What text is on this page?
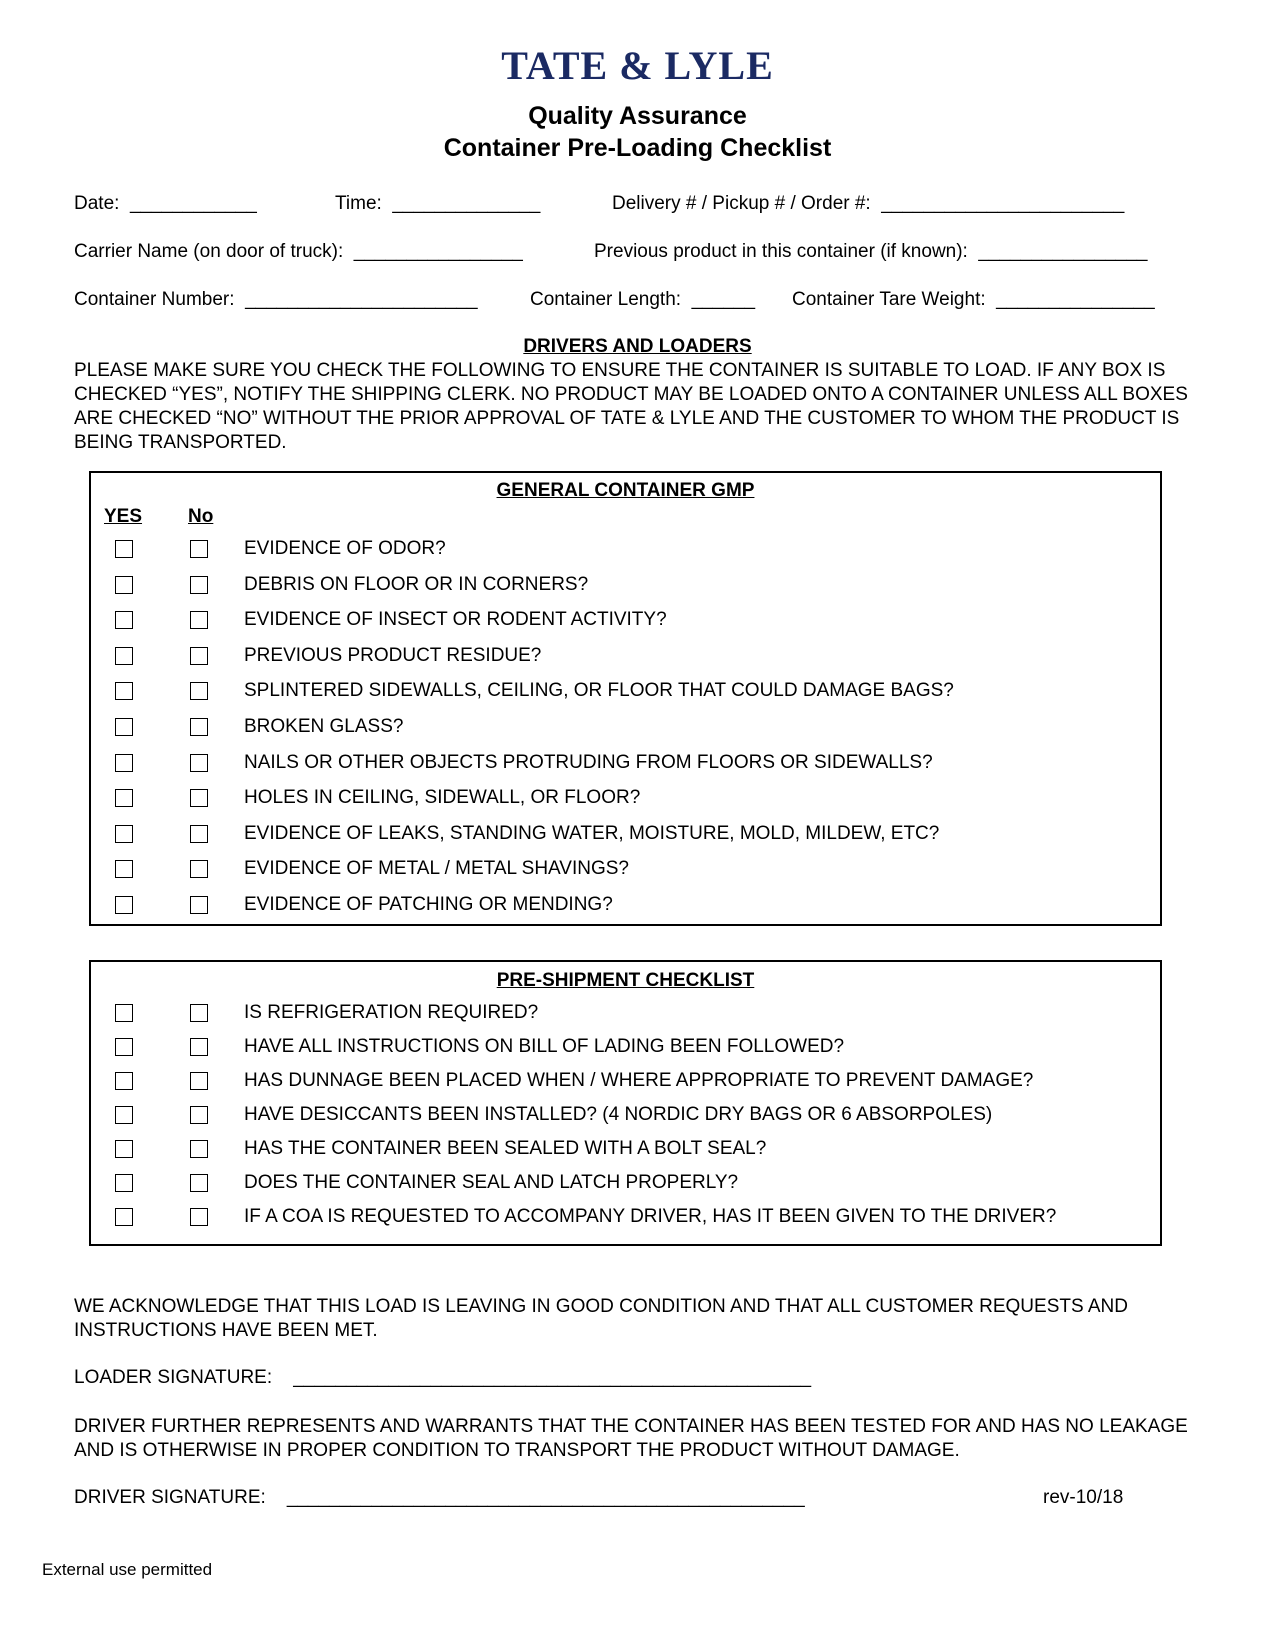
TATE & LYLE
Quality Assurance
Container Pre-Loading Checklist
Date:  ____________	Time:  ______________	Delivery # / Pickup # / Order #:  _______________________
Carrier Name (on door of truck):  ________________	Previous product in this container (if known):  ________________
Container Number:  ______________________	Container Length:  ______ Container Tare Weight:  _______________
DRIVERS AND LOADERS
PLEASE MAKE SURE YOU CHECK THE FOLLOWING TO ENSURE THE CONTAINER IS SUITABLE TO LOAD. IF ANY BOX IS CHECKED “YES”, NOTIFY THE SHIPPING CLERK. NO PRODUCT MAY BE LOADED ONTO A CONTAINER UNLESS ALL BOXES ARE CHECKED “NO” WITHOUT THE PRIOR APPROVAL OF TATE & LYLE AND THE CUSTOMER TO WHOM THE PRODUCT IS BEING TRANSPORTED.
GENERAL CONTAINER GMP
YES No
EVIDENCE OF ODOR?
DEBRIS ON FLOOR OR IN CORNERS?
EVIDENCE OF INSECT OR RODENT ACTIVITY?
PREVIOUS PRODUCT RESIDUE?
SPLINTERED SIDEWALLS, CEILING, OR FLOOR THAT COULD DAMAGE BAGS?
BROKEN GLASS?
NAILS OR OTHER OBJECTS PROTRUDING FROM FLOORS OR SIDEWALLS?
HOLES IN CEILING, SIDEWALL, OR FLOOR?
EVIDENCE OF LEAKS, STANDING WATER, MOISTURE, MOLD, MILDEW, ETC?
EVIDENCE OF METAL / METAL SHAVINGS?
EVIDENCE OF PATCHING OR MENDING?
PRE-SHIPMENT CHECKLIST
IS REFRIGERATION REQUIRED?
HAVE ALL INSTRUCTIONS ON BILL OF LADING BEEN FOLLOWED?
HAS DUNNAGE BEEN PLACED WHEN / WHERE APPROPRIATE TO PREVENT DAMAGE?
HAVE DESICCANTS BEEN INSTALLED? (4 NORDIC DRY BAGS OR 6 ABSORPOLES)
HAS THE CONTAINER BEEN SEALED WITH A BOLT SEAL?
DOES THE CONTAINER SEAL AND LATCH PROPERLY?
IF A COA IS REQUESTED TO ACCOMPANY DRIVER, HAS IT BEEN GIVEN TO THE DRIVER?
WE ACKNOWLEDGE THAT THIS LOAD IS LEAVING IN GOOD CONDITION AND THAT ALL CUSTOMER REQUESTS AND INSTRUCTIONS HAVE BEEN MET.
LOADER SIGNATURE:    _________________________________________________
DRIVER FURTHER REPRESENTS AND WARRANTS THAT THE CONTAINER HAS BEEN TESTED FOR AND HAS NO LEAKAGE AND IS OTHERWISE IN PROPER CONDITION TO TRANSPORT THE PRODUCT WITHOUT DAMAGE.
DRIVER SIGNATURE:    _________________________________________________	rev-10/18
External use permitted
